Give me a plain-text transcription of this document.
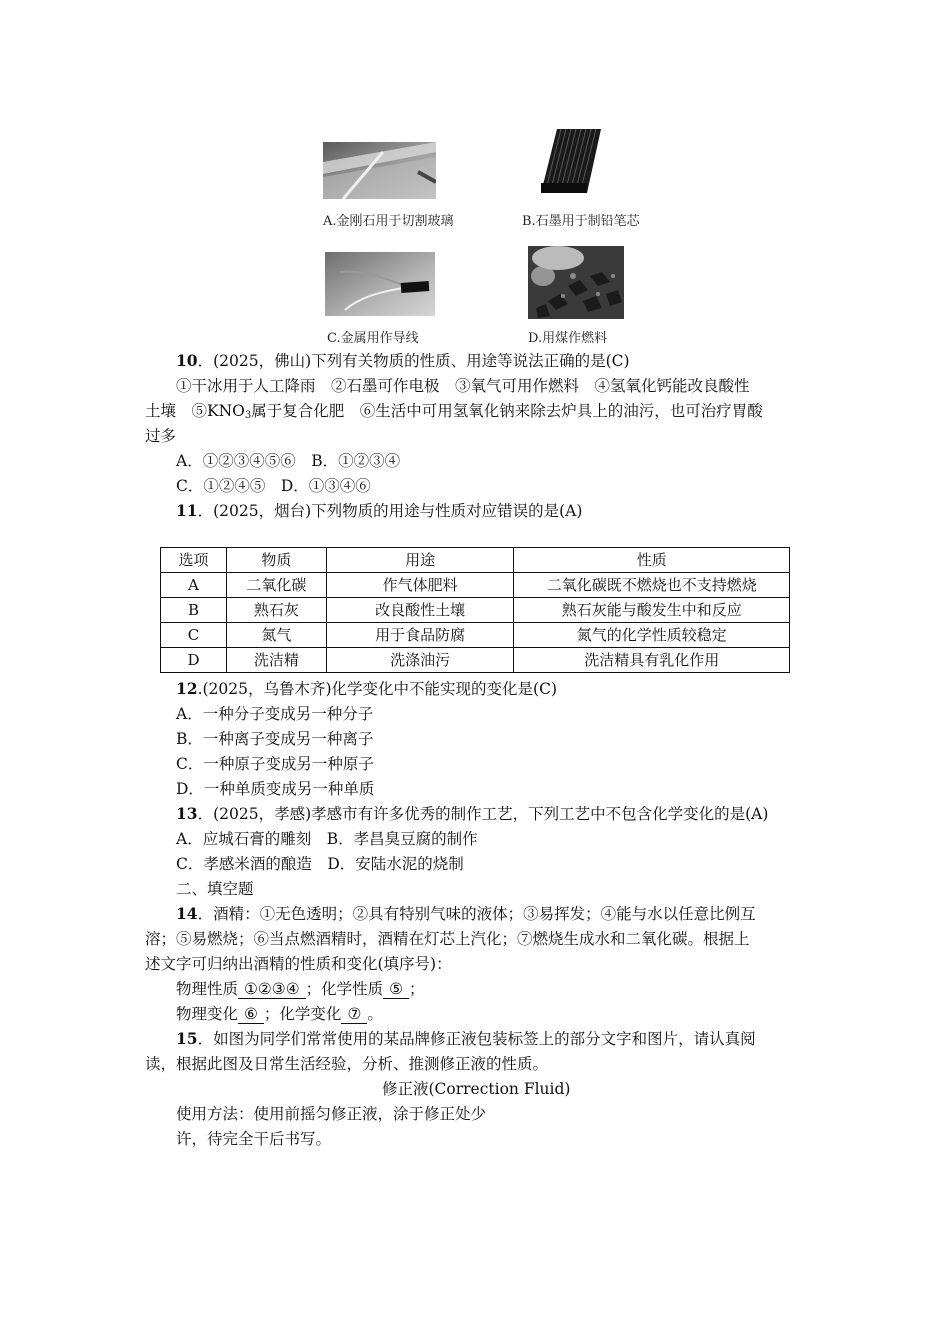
A.金刚石用于切割玻璃	B.石墨用于制铅笔芯
C.金属用作导线	D.用煤作燃料
10．(2025，佛山)下列有关物质的性质、用途等说法正确的是(C)
①干冰用于人工降雨　②石墨可作电极　③氧气可用作燃料　④氢氧化钙能改良酸性
土壤　$⑤KNO_3$属于复合化肥　⑥生活中可用氢氧化钠来除去炉具上的油污，也可治疗胃酸
过多
A．①②③④⑤⑥　B．①②③④
C．①②④⑤　D．①③④⑥
11．(2025，烟台)下列物质的用途与性质对应错误的是(A)
选项	物质	用途	性质
A	二氧化碳	作气体肥料	二氧化碳既不燃烧也不支持燃烧
B	熟石灰	改良酸性土壤	熟石灰能与酸发生中和反应
C	氮气	用于食品防腐	氮气的化学性质较稳定
D	洗洁精	洗涤油污	洗洁精具有乳化作用
12.(2025，乌鲁木齐)化学变化中不能实现的变化是(C)
A．一种分子变成另一种分子
B．一种离子变成另一种离子
C．一种原子变成另一种原子
D．一种单质变成另一种单质
13．(2025，孝感)孝感市有许多优秀的制作工艺，下列工艺中不包含化学变化的是(A)
A．应城石膏的雕刻　B．孝昌臭豆腐的制作
C．孝感米酒的酿造　D．安陆水泥的烧制
二、填空题
14．酒精：①无色透明；②具有特别气味的液体；③易挥发；④能与水以任意比例互
溶；⑤易燃烧；⑥当点燃酒精时，酒精在灯芯上汽化；⑦燃烧生成水和二氧化碳。根据上
述文字可归纳出酒精的性质和变化(填序号)：
物理性质 ①②③④ ；化学性质 ⑤ ；
物理变化 ⑥ ；化学变化 ⑦ 。
15．如图为同学们常常使用的某品牌修正液包装标签上的部分文字和图片，请认真阅
读，根据此图及日常生活经验，分析、推测修正液的性质。
修正液(Correction Fluid)
使用方法：使用前摇匀修正液，涂于修正处少
许，待完全干后书写。
